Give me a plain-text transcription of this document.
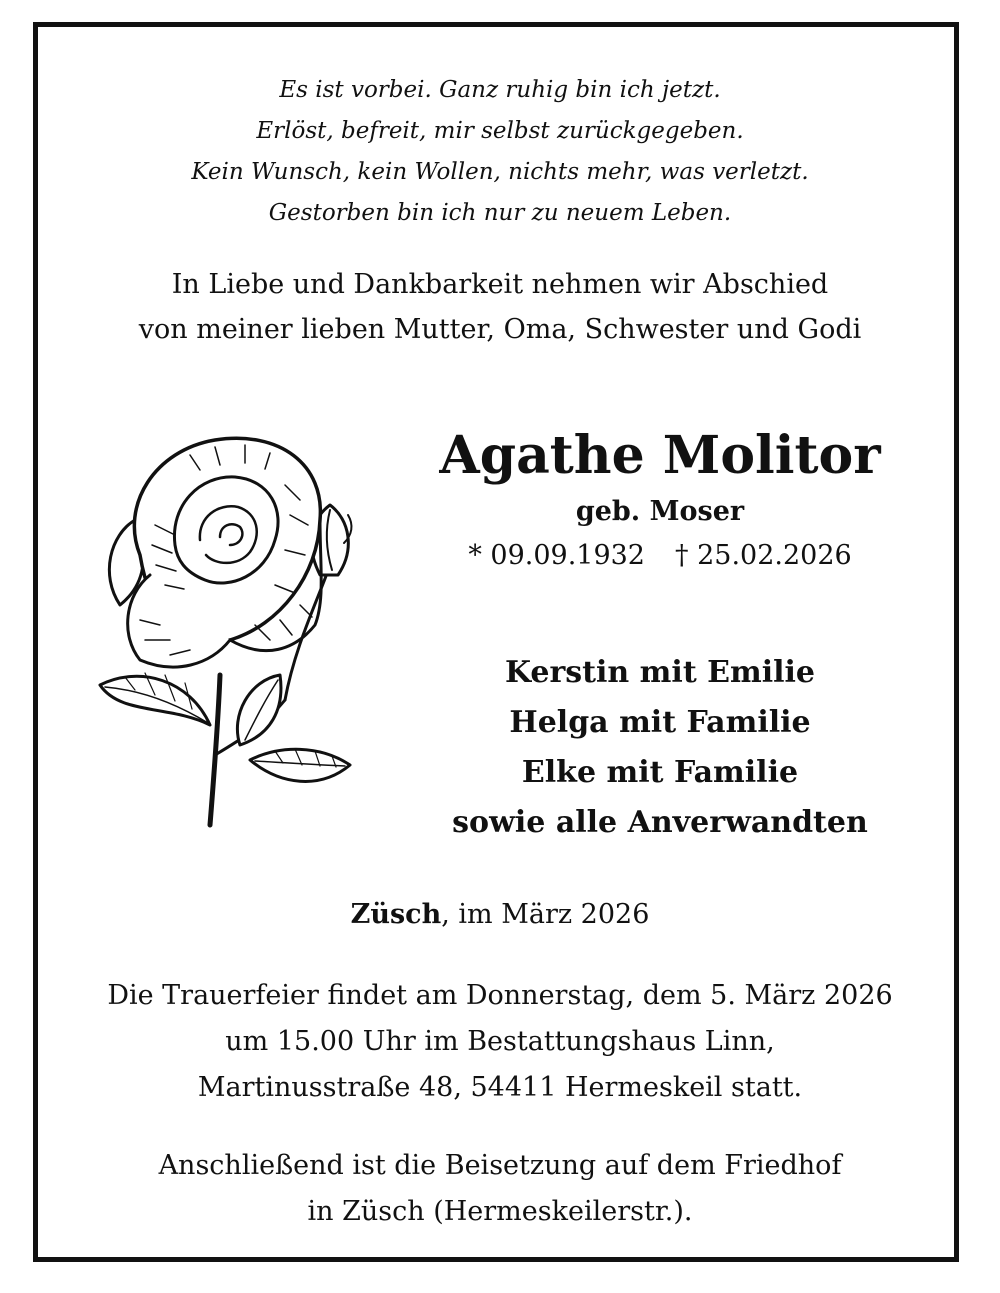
Es ist vorbei. Ganz ruhig bin ich jetzt.
Erlöst, befreit, mir selbst zurückgegeben.
Kein Wunsch, kein Wollen, nichts mehr, was verletzt.
Gestorben bin ich nur zu neuem Leben.
In Liebe und Dankbarkeit nehmen wir Abschied
von meiner lieben Mutter, Oma, Schwester und Godi
Agathe Molitor
geb. Moser
* 09.09.1932 † 25.02.2026
Kerstin mit Emilie
Helga mit Familie
Elke mit Familie
sowie alle Anverwandten
Züsch, im März 2026
Die Trauerfeier findet am Donnerstag, dem 5. März 2026
um 15.00 Uhr im Bestattungshaus Linn,
Martinusstraße 48, 54411 Hermeskeil statt.
Anschließend ist die Beisetzung auf dem Friedhof
in Züsch (Hermeskeilerstr.).
